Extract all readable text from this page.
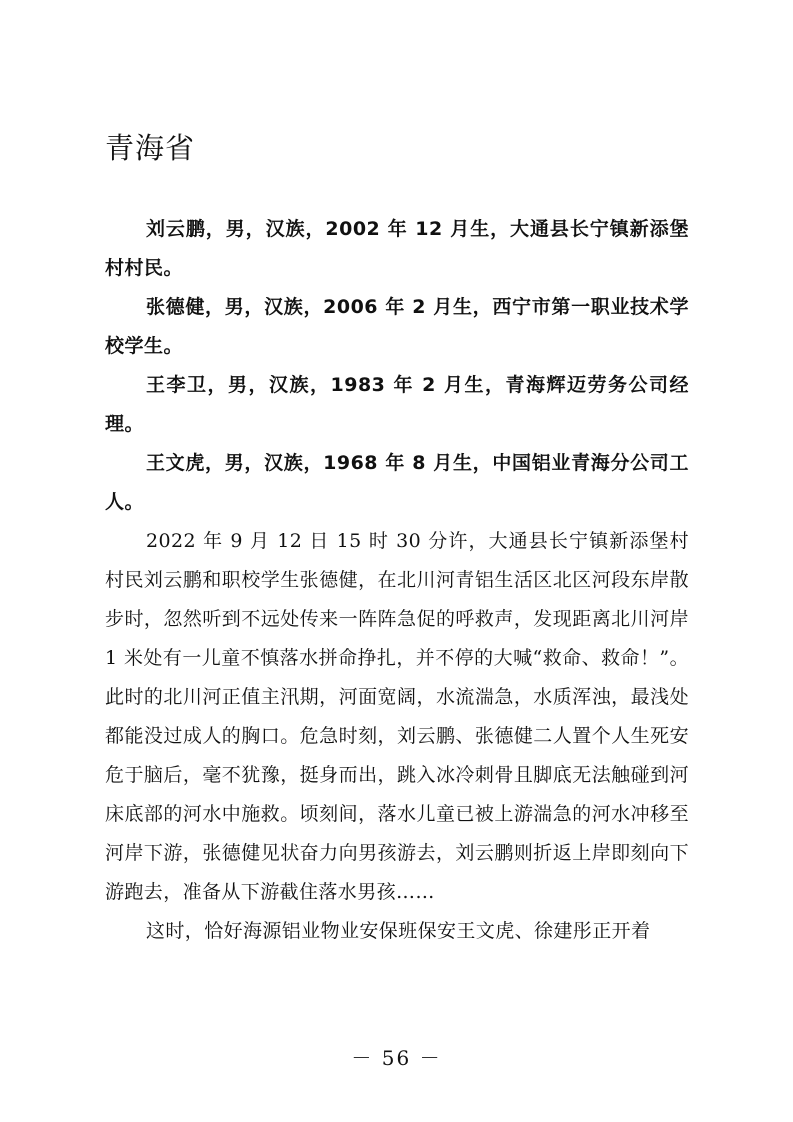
青海省

刘云鹏，男，汉族，2002 年 12 月生，大通县长宁镇新添堡村村民。

张德健，男，汉族，2006 年 2 月生，西宁市第一职业技术学校学生。

王李卫，男，汉族，1983 年 2 月生，青海辉迈劳务公司经理。

王文虎，男，汉族，1968 年 8 月生，中国铝业青海分公司工人。

2022 年 9 月 12 日 15 时 30 分许，大通县长宁镇新添堡村村民刘云鹏和职校学生张德健，在北川河青铝生活区北区河段东岸散步时，忽然听到不远处传来一阵阵急促的呼救声，发现距离北川河岸 1 米处有一儿童不慎落水拼命挣扎，并不停的大喊“救命、救命！”。此时的北川河正值主汛期，河面宽阔，水流湍急，水质浑浊，最浅处都能没过成人的胸口。危急时刻，刘云鹏、张德健二人置个人生死安危于脑后，毫不犹豫，挺身而出，跳入冰冷刺骨且脚底无法触碰到河床底部的河水中施救。顷刻间，落水儿童已被上游湍急的河水冲移至河岸下游，张德健见状奋力向男孩游去，刘云鹏则折返上岸即刻向下游跑去，准备从下游截住落水男孩……

这时，恰好海源铝业物业安保班保安王文虎、徐建彤正开着

－ 56 －
